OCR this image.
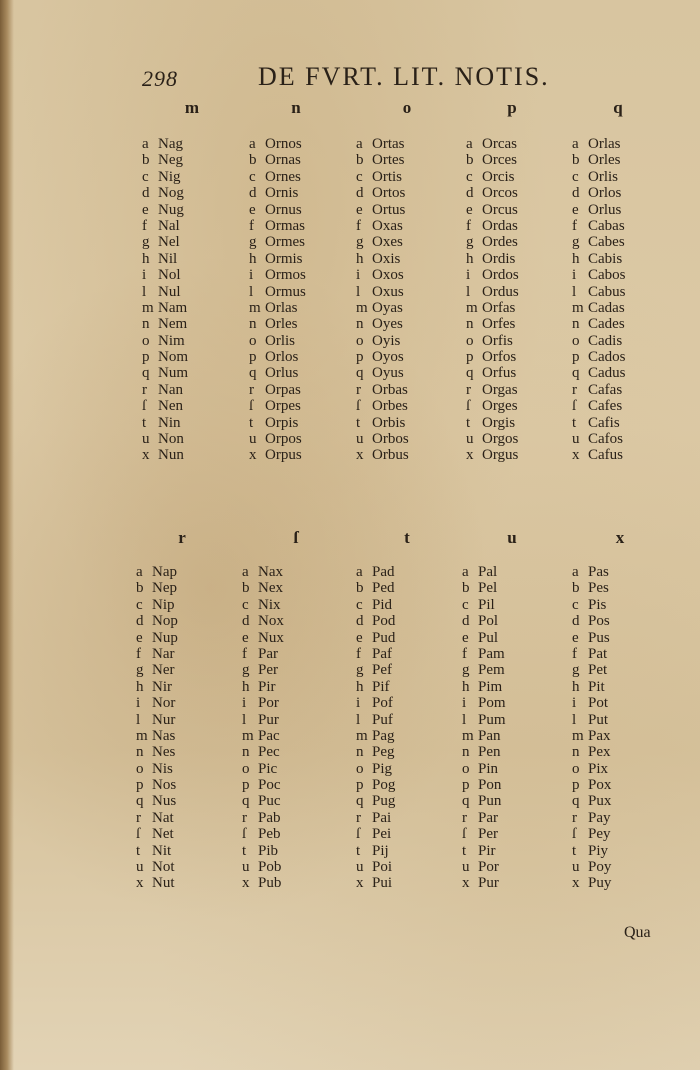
298	DE FVRT. LIT. NOTIS.
m
a Nag
b Neg
c Nig
d Nog
e Nug
f Nal
g Nel
h Nil
i Nol
l Nul
m Nam
n Nem
o Nim
p Nom
q Num
r Nan
ſ Nen
t Nin
u Non
x Nun
n
a Ornos
b Ornas
c Ornes
d Ornis
e Ornus
f Ormas
g Ormes
h Ormis
i Ormos
l Ormus
m Orlas
n Orles
o Orlis
p Orlos
q Orlus
r Orpas
ſ Orpes
t Orpis
u Orpos
x Orpus
o
a Ortas
b Ortes
c Ortis
d Ortos
e Ortus
f Oxas
g Oxes
h Oxis
i Oxos
l Oxus
m Oyas
n Oyes
o Oyis
p Oyos
q Oyus
r Orbas
ſ Orbes
t Orbis
u Orbos
x Orbus
p
a Orcas
b Orces
c Orcis
d Orcos
e Orcus
f Ordas
g Ordes
h Ordis
i Ordos
l Ordus
m Orfas
n Orfes
o Orfis
p Orfos
q Orfus
r Orgas
ſ Orges
t Orgis
u Orgos
x Orgus
q
a Orlas
b Orles
c Orlis
d Orlos
e Orlus
f Cabas
g Cabes
h Cabis
i Cabos
l Cabus
m Cadas
n Cades
o Cadis
p Cados
q Cadus
r Cafas
ſ Cafes
t Cafis
u Cafos
x Cafus
r
a Nap
b Nep
c Nip
d Nop
e Nup
f Nar
g Ner
h Nir
i Nor
l Nur
m Nas
n Nes
o Nis
p Nos
q Nus
r Nat
ſ Net
t Nit
u Not
x Nut
ſ
a Nax
b Nex
c Nix
d Nox
e Nux
f Par
g Per
h Pir
i Por
l Pur
m Pac
n Pec
o Pic
p Poc
q Puc
r Pab
ſ Peb
t Pib
u Pob
x Pub
t
a Pad
b Ped
c Pid
d Pod
e Pud
f Paf
g Pef
h Pif
i Pof
l Puf
m Pag
n Peg
o Pig
p Pog
q Pug
r Pai
ſ Pei
t Pij
u Poi
x Pui
u
a Pal
b Pel
c Pil
d Pol
e Pul
f Pam
g Pem
h Pim
i Pom
l Pum
m Pan
n Pen
o Pin
p Pon
q Pun
r Par
ſ Per
t Pir
u Por
x Pur
x
a Pas
b Pes
c Pis
d Pos
e Pus
f Pat
g Pet
h Pit
i Pot
l Put
m Pax
n Pex
o Pix
p Pox
q Pux
r Pay
ſ Pey
t Piy
u Poy
x Puy
Qua
